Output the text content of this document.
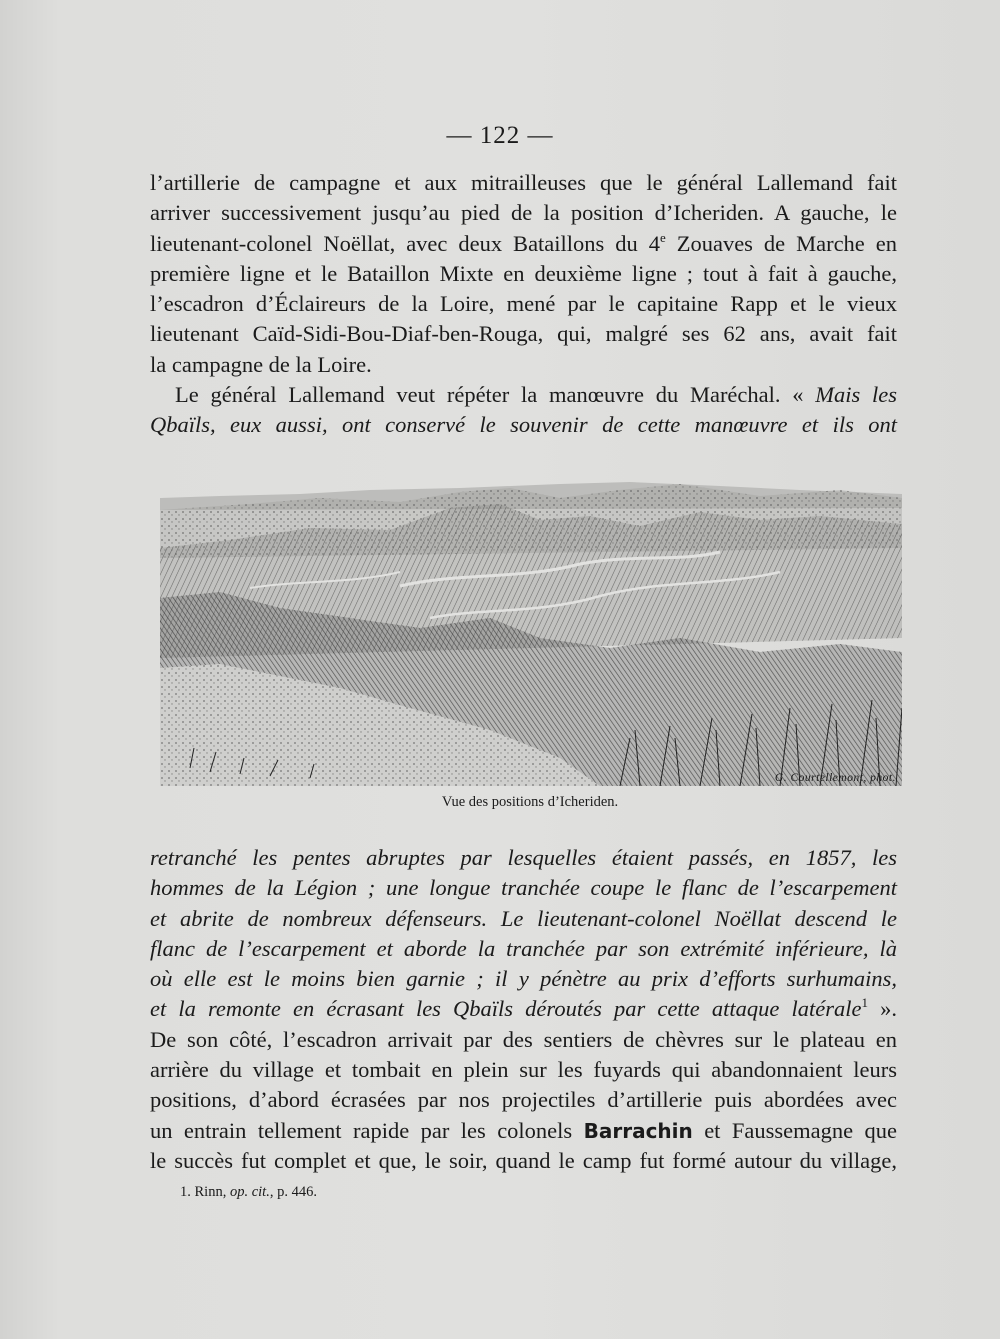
— 122 —
l’artillerie de campagne et aux mitrailleuses que le général Lallemand fait
arriver successivement jusqu’au pied de la position d’Icheriden. A gauche, le
lieutenant-colonel Noëllat, avec deux Bataillons du 4e Zouaves de Marche en
première ligne et le Bataillon Mixte en deuxième ligne ; tout à fait à gauche,
l’escadron d’Éclaireurs de la Loire, mené par le capitaine Rapp et le vieux
lieutenant Caïd-Sidi-Bou-Diaf-ben-Rouga, qui, malgré ses 62 ans, avait fait
la campagne de la Loire.
Le général Lallemand veut répéter la manœuvre du Maréchal. « Mais les
Qbaïls, eux aussi, ont conservé le souvenir de cette manœuvre et ils ont
G. Courtellemont, phot.
Vue des positions d’Icheriden.
retranché les pentes abruptes par lesquelles étaient passés, en 1857, les
hommes de la Légion ; une longue tranchée coupe le flanc de l’escarpement
et abrite de nombreux défenseurs. Le lieutenant-colonel Noëllat descend le
flanc de l’escarpement et aborde la tranchée par son extrémité inférieure, là
où elle est le moins bien garnie ; il y pénètre au prix d’efforts surhumains,
et la remonte en écrasant les Qbaïls déroutés par cette attaque latérale$^1$ ».
De son côté, l’escadron arrivait par des sentiers de chèvres sur le plateau en
arrière du village et tombait en plein sur les fuyards qui abandonnaient leurs
positions, d’abord écrasées par nos projectiles d’artillerie puis abordées avec
un entrain tellement rapide par les colonels Barrachin et Faussemagne que
le succès fut complet et que, le soir, quand le camp fut formé autour du village,
1. Rinn, op. cit., p. 446.
